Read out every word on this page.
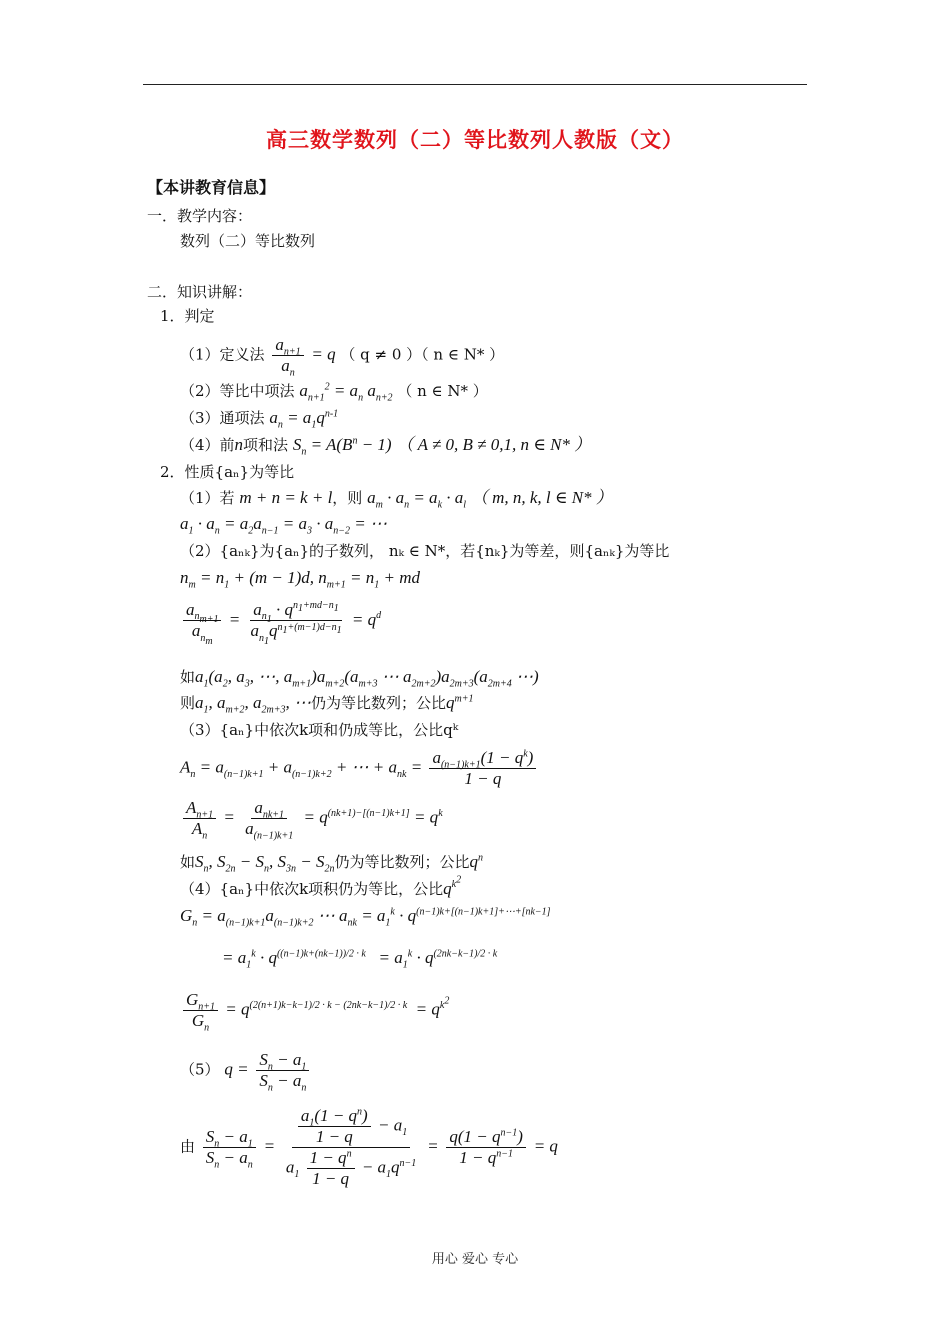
高三数学数列（二）等比数列人教版（文）
【本讲教育信息】
一．教学内容：
数列（二）等比数列
二．知识讲解：
1．判定
（1）定义法 $\frac{a_{n+1}}{a_n} = q$ （ q ≠ 0 ）（ n ∈ N* ）
（2）等比中项法 $a_{n+1}^2 = a_n$ $a_{n+2}$ （ n ∈ N* ）
（3）通项法 $a_n = a_1q^{n-1}$
（4）前n项和法 $S_n = A(B^n - 1)$ （ A ≠ 0, B ≠ 0,1, n ∈ N* ）
2．性质{aₙ}为等比
（1）若 m + n = k + l，则 $a_m \cdot a_n = a_k \cdot a_l$ （ m, n, k, l ∈ N* ）
$a_1 \cdot a_n = a_2a_{n-1} = a_3 \cdot a_{n-2}$ = ⋯
（2）{aₙₖ}为{aₙ}的子数列， nₖ ∈ N*，若{nₖ}为等差，则{aₙₖ}为等比
$n_m = n_1 + (m - 1)d$, $n_{m+1} = n_1$ + md
$\frac{a_{n_{m+1}}}{a_{n_m}} = \frac{a_{n_1} \cdot q^{n_1+md-n_1}}{a_{n_1}q^{n_1+(m-1)d-n_1}} = q^d$
如$a_1(a_2$, $a_3$, ⋯, $a_{m+1})a_{m+2}(a_{m+3}$ ⋯ $a_{2m+2})a_{2m+3}(a_{2m+4}$ ⋯)
则$a_1$, $a_{m+2}$, $a_{2m+3}$, ⋯仍为等比数列；公比$q^{m+1}$
（3）{aₙ}中依次k项和仍成等比，公比qᵏ
$A_n = a_{(n-1)k+1} + a_{(n-1)k+2}$ + ⋯ + $a_{nk} = \frac{a_{(n-1)k+1}(1 - q^k)}{1 - q}$
$\frac{A_{n+1}}{A_n} = \frac{a_{nk+1}}{a_{(n-1)k+1}} = q^{(nk+1)-[(n-1)k+1]} = q^k$
如$S_n$, $S_{2n} - S_n$, $S_{3n} - S_{2n}$仍为等比数列；公比$q^n$
（4）{aₙ}中依次k项积仍为等比，公比$q^{k^2}$
$G_n = a_{(n-1)k+1}a_{(n-1)k+2}$ ⋯ $a_{nk} = a_1^k \cdot q^{(n-1)k+[(n-1)k+1]+\cdots+[nk-1]}$
= $a_1^k \cdot q^{((n-1)k+(nk-1))/2 \cdot k} = a_1^k \cdot q^{(2nk-k-1)/2 \cdot k}$
$\frac{G_{n+1}}{G_n} = q^{(2(n+1)k-k-1)/2 \cdot k - (2nk-k-1)/2 \cdot k} = q^{k^2}$
（5） $q = \frac{S_n - a_1}{S_n - a_n}$
由 $\frac{S_n - a_1}{S_n - a_n} = \frac{\frac{a_1(1 - q^n)}{1 - q} - a_1}{a_1 \frac{1 - q^n}{1 - q} - a_1q^{n-1}} = \frac{q(1 - q^{n-1})}{1 - q^{n-1}} = q$
用心 爱心 专心
